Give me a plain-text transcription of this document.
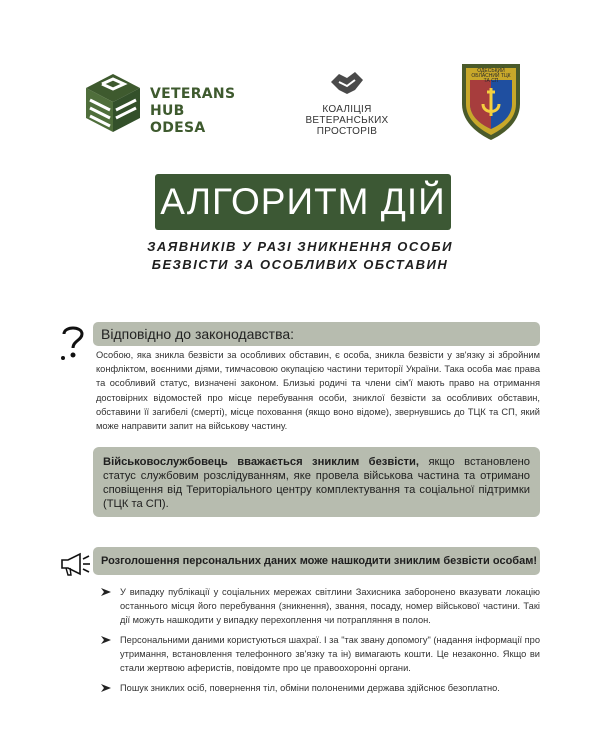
VETERANS
HUB ODESA
КОАЛІЦІЯ
ВЕТЕРАНСЬКИХ
ПРОСТОРІВ
ОДЕСЬКИЙ ОБЛАСНИЙ ТЦК ТА СП
АЛГОРИТМ ДІЙ
ЗАЯВНИКІВ У РАЗІ ЗНИКНЕННЯ ОСОБИ
БЕЗВІСТИ ЗА ОСОБЛИВИХ ОБСТАВИН
Відповідно до законодавства:
Особою, яка зникла безвісти за особливих обставин, є особа, зникла безвісти у зв'язку зі збройним конфліктом, воєнними діями, тимчасовою окупацією частини території України. Така особа має права та особливий статус, визначені законом. Близькі родичі та члени сім'ї мають право на отримання достовірних відомостей про місце перебування особи, зниклої безвісти за особливих обставин, обставини її загибелі (смерті), місце поховання (якщо воно відоме), звернувшись до ТЦК та СП, який може направити запит на військову частину.
Військовослужбовець вважається зниклим безвісти, якщо встановлено статус службовим розслідуванням, яке провела військова частина та отримано сповіщення від Територіального центру комплектування та соціальної підтримки (ТЦК та СП).
Розголошення персональних даних може нашкодити зниклим безвісти особам!
У випадку публікації у соціальних мережах світлини Захисника заборонено вказувати локацію останнього місця його перебування (зникнення), звання, посаду, номер військової частини. Такі дії можуть нашкодити у випадку перехоплення чи потрапляння в полон.
Персональними даними користуються шахраї. І за "так звану допомогу" (надання інформації про утримання, встановлення телефонного зв'язку та ін) вимагають кошти. Це незаконно. Якщо ви стали жертвою аферистів, повідомте про це правоохоронні органи.
Пошук зниклих осіб, повернення тіл, обміни полоненими держава здійснює безоплатно.
